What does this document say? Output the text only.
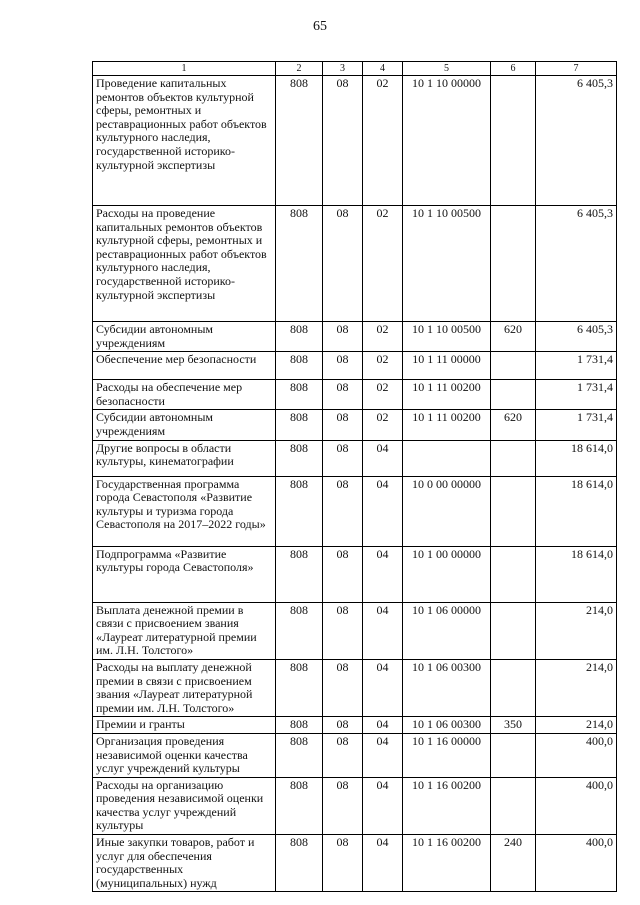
65
1	2	3	4	5	6	7
Проведение капитальных ремонтов объектов культурной сферы, ремонтных и реставрационных работ объектов культурного наследия, государственной историко-культурной экспертизы	808	08	02	10 1 10 00000		6 405,3
Расходы на проведение капитальных ремонтов объектов культурной сферы, ремонтных и реставрационных работ объектов культурного наследия, государственной историко-культурной экспертизы	808	08	02	10 1 10 00500		6 405,3
Субсидии автономным учреждениям	808	08	02	10 1 10 00500	620	6 405,3
Обеспечение мер безопасности	808	08	02	10 1 11 00000		1 731,4
Расходы на обеспечение мер безопасности	808	08	02	10 1 11 00200		1 731,4
Субсидии автономным учреждениям	808	08	02	10 1 11 00200	620	1 731,4
Другие вопросы в области культуры, кинематографии	808	08	04			18 614,0
Государственная программа города Севастополя «Развитие культуры и туризма города Севастополя на 2017–2022 годы»	808	08	04	10 0 00 00000		18 614,0
Подпрограмма «Развитие культуры города Севастополя»	808	08	04	10 1 00 00000		18 614,0
Выплата денежной премии в связи с присвоением звания «Лауреат литературной премии им. Л.Н. Толстого»	808	08	04	10 1 06 00000		214,0
Расходы на выплату денежной премии в связи с присвоением звания «Лауреат литературной премии им. Л.Н. Толстого»	808	08	04	10 1 06 00300		214,0
Премии и гранты	808	08	04	10 1 06 00300	350	214,0
Организация проведения независимой оценки качества услуг учреждений культуры	808	08	04	10 1 16 00000		400,0
Расходы на организацию проведения независимой оценки качества услуг учреждений культуры	808	08	04	10 1 16 00200		400,0
Иные закупки товаров, работ и услуг для обеспечения государственных (муниципальных) нужд	808	08	04	10 1 16 00200	240	400,0
